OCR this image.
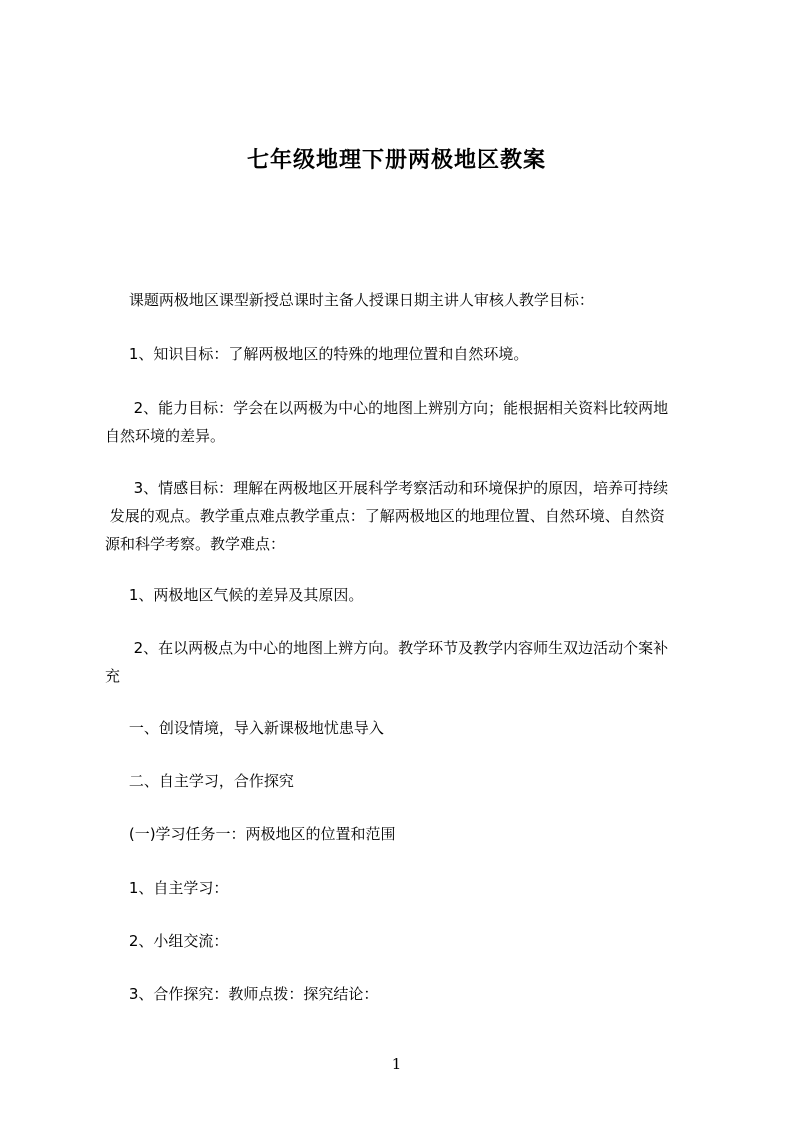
七年级地理下册两极地区教案

课题两极地区课型新授总课时主备人授课日期主讲人审核人教学目标：

1、知识目标：了解两极地区的特殊的地理位置和自然环境。

2、能力目标：学会在以两极为中心的地图上辨别方向；能根据相关资料比较两地
自然环境的差异。

3、情感目标：理解在两极地区开展科学考察活动和环境保护的原因，培养可持续
发展的观点。教学重点难点教学重点：了解两极地区的地理位置、自然环境、自然资
源和科学考察。教学难点：

1、两极地区气候的差异及其原因。

2、在以两极点为中心的地图上辨方向。教学环节及教学内容师生双边活动个案补
充

一、创设情境，导入新课极地忧患导入

二、自主学习，合作探究

(一)学习任务一：两极地区的位置和范围

1、自主学习：

2、小组交流：

3、合作探究：教师点拨：探究结论：

1
